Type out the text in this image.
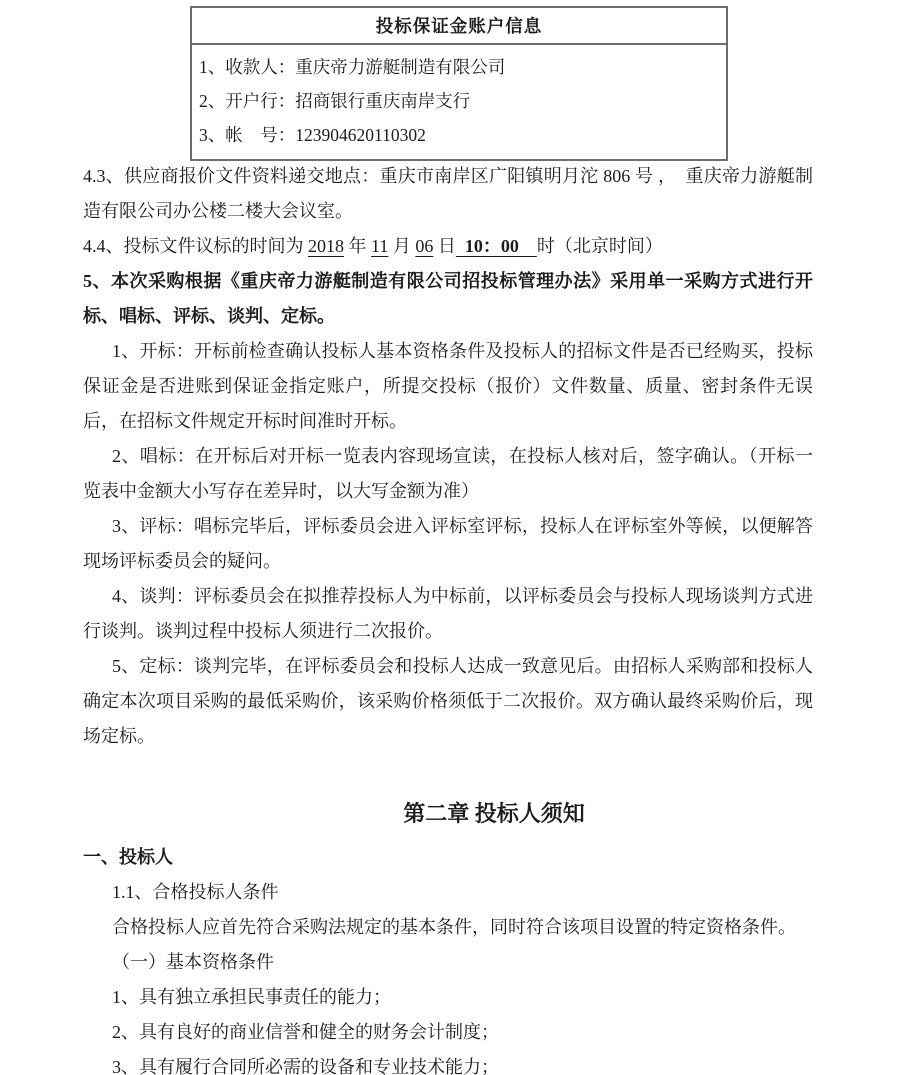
投标保证金账户信息

1、收款人：重庆帝力游艇制造有限公司
2、开户行：招商银行重庆南岸支行
3、帐　号：123904620110302

4.3、供应商报价文件资料递交地点：重庆市南岸区广阳镇明月沱 806 号 ，　重庆帝力游艇制造有限公司办公楼二楼大会议室。

4.4、投标文件议标的时间为 2018 年 11 月 06 日  10：00    时（北京时间）

5、本次采购根据《重庆帝力游艇制造有限公司招投标管理办法》采用单一采购方式进行开标、唱标、评标、谈判、定标。

1、开标：开标前检查确认投标人基本资格条件及投标人的招标文件是否已经购买，投标保证金是否进账到保证金指定账户，所提交投标（报价）文件数量、质量、密封条件无误后，在招标文件规定开标时间准时开标。

2、唱标：在开标后对开标一览表内容现场宣读，在投标人核对后，签字确认。（开标一览表中金额大小写存在差异时，以大写金额为准）

3、评标：唱标完毕后，评标委员会进入评标室评标，投标人在评标室外等候，以便解答现场评标委员会的疑问。

4、谈判：评标委员会在拟推荐投标人为中标前，以评标委员会与投标人现场谈判方式进行谈判。谈判过程中投标人须进行二次报价。

5、定标：谈判完毕，在评标委员会和投标人达成一致意见后。由招标人采购部和投标人确定本次项目采购的最低采购价，该采购价格须低于二次报价。双方确认最终采购价后，现场定标。

第二章 投标人须知

一、投标人

1.1、合格投标人条件

合格投标人应首先符合采购法规定的基本条件，同时符合该项目设置的特定资格条件。

（一）基本资格条件

1、具有独立承担民事责任的能力；

2、具有良好的商业信誉和健全的财务会计制度；

3、具有履行合同所必需的设备和专业技术能力；
